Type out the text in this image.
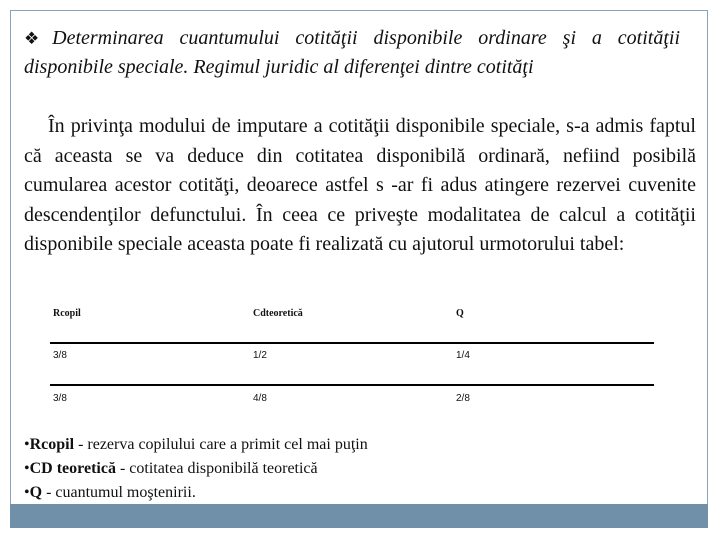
❖ Determinarea cuantumului cotităţii disponibile ordinare şi a cotităţii disponibile speciale. Regimul juridic al diferenţei dintre cotităţi
În privinţa modului de imputare a cotităţii disponibile speciale, s-a admis faptul că aceasta se va deduce din cotitatea disponibilă ordinară, nefiind posibilă cumularea acestor cotităţi, deoarece astfel s -ar fi adus atingere rezervei cuvenite descendenţilor defunctului. În ceea ce priveşte modalitatea de calcul a cotităţii disponibile speciale aceasta poate fi realizată cu ajutorul urmotorului tabel:
Rcopil	Cdteoretică	Q
3/8	1/2	1/4
3/8	4/8	2/8
•Rcopil - rezerva copilului care a primit cel mai puţin
•CD teoretică - cotitatea disponibilă teoretică
•Q - cuantumul moştenirii.
